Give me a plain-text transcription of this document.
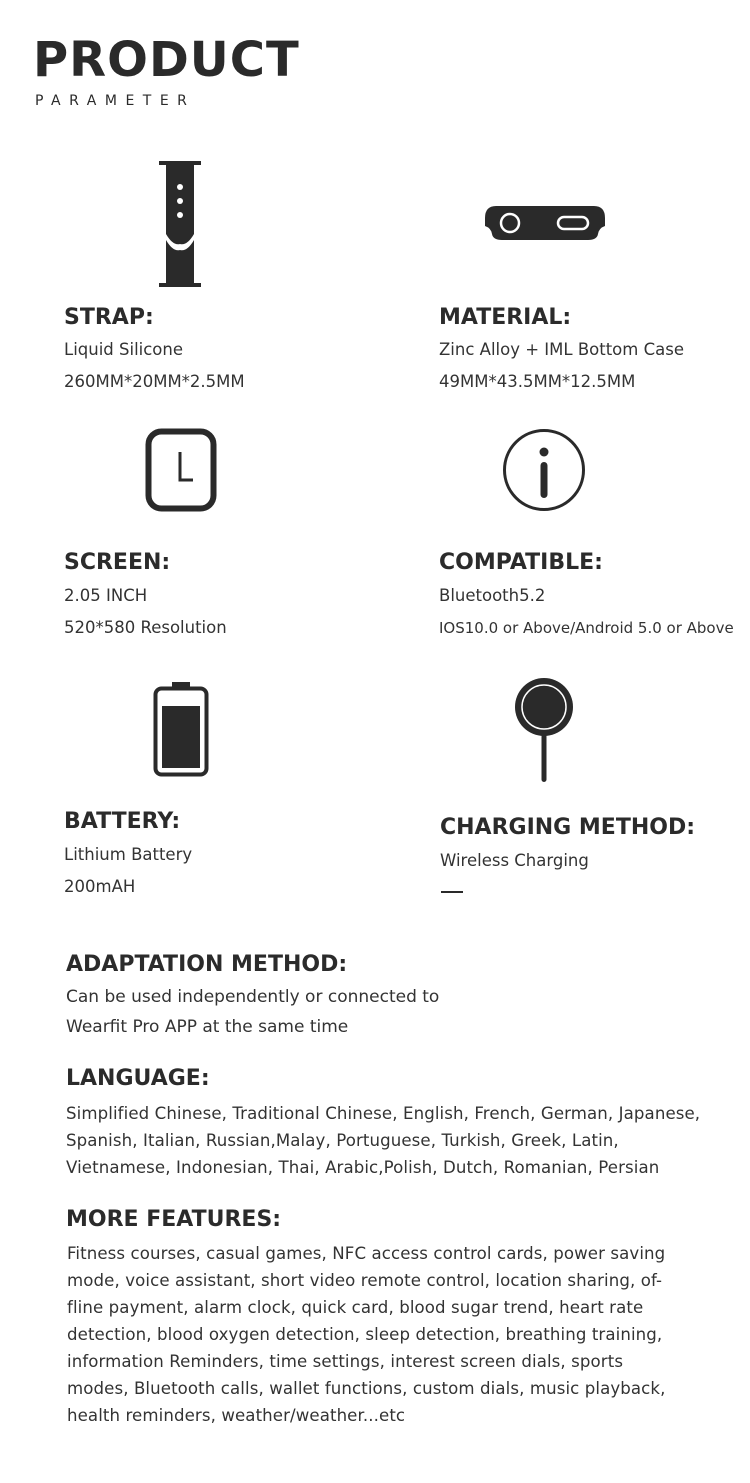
PRODUCT
PARAMETER
STRAP:
Liquid Silicone
260MM*20MM*2.5MM
MATERIAL:
Zinc Alloy + IML Bottom Case
49MM*43.5MM*12.5MM
SCREEN:
2.05 INCH
520*580 Resolution
COMPATIBLE:
Bluetooth5.2
IOS10.0 or Above/Android 5.0 or Above
BATTERY:
Lithium Battery
200mAH
CHARGING METHOD:
Wireless Charging
ADAPTATION METHOD:
Can be used independently or connected to
Wearfit Pro APP at the same time
LANGUAGE:
Simplified Chinese, Traditional Chinese, English, French, German, Japanese,
Spanish, Italian, Russian,Malay, Portuguese, Turkish, Greek, Latin,
Vietnamese, Indonesian, Thai, Arabic,Polish, Dutch, Romanian, Persian
MORE FEATURES:
Fitness courses, casual games, NFC access control cards, power saving
mode, voice assistant, short video remote control, location sharing, of-
fline payment, alarm clock, quick card, blood sugar trend, heart rate
detection, blood oxygen detection, sleep detection, breathing training,
information Reminders, time settings, interest screen dials, sports
modes, Bluetooth calls, wallet functions, custom dials, music playback,
health reminders, weather/weather...etc
